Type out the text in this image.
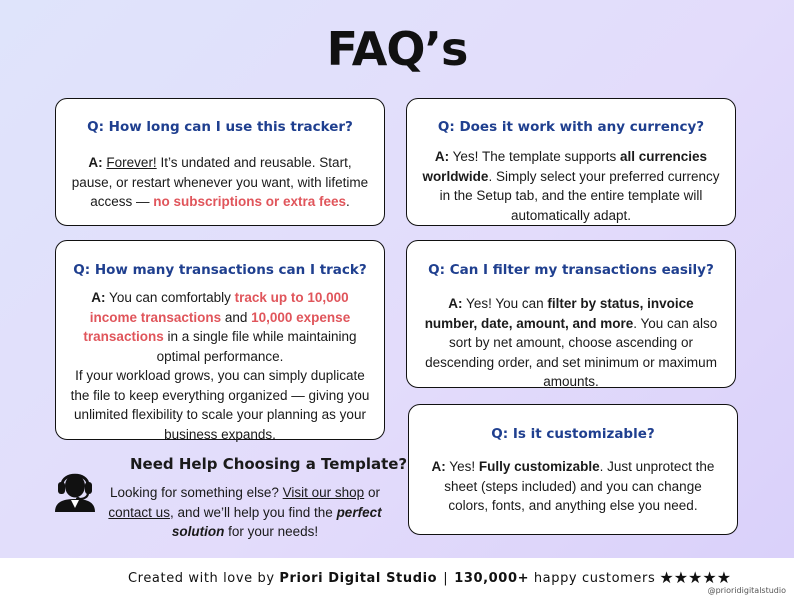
FAQ’s
Q: How long can I use this tracker?
A: Forever! It’s undated and reusable. Start, pause, or restart whenever you want, with lifetime access — no subscriptions or extra fees.
Q: Does it work with any currency?
A: Yes! The template supports all currencies worldwide. Simply select your preferred currency in the Setup tab, and the entire template will automatically adapt.
Q: How many transactions can I track?
A: You can comfortably track up to 10,000 income transactions and 10,000 expense transactions in a single file while maintaining optimal performance.
If your workload grows, you can simply duplicate the file to keep everything organized — giving you unlimited flexibility to scale your planning as your business expands.
Q: Can I filter my transactions easily?
A: Yes! You can filter by status, invoice number, date, amount, and more. You can also sort by net amount, choose ascending or descending order, and set minimum or maximum amounts.
Q: Is it customizable?
A: Yes! Fully customizable. Just unprotect the sheet (steps included) and you can change colors, fonts, and anything else you need.
Need Help Choosing a Template?
Looking for something else? Visit our shop or contact us, and we’ll help you find the perfect solution for your needs!
Created with love by Priori Digital Studio | 130,000+ happy customers ★★★★★
@prioridigitalstudio
